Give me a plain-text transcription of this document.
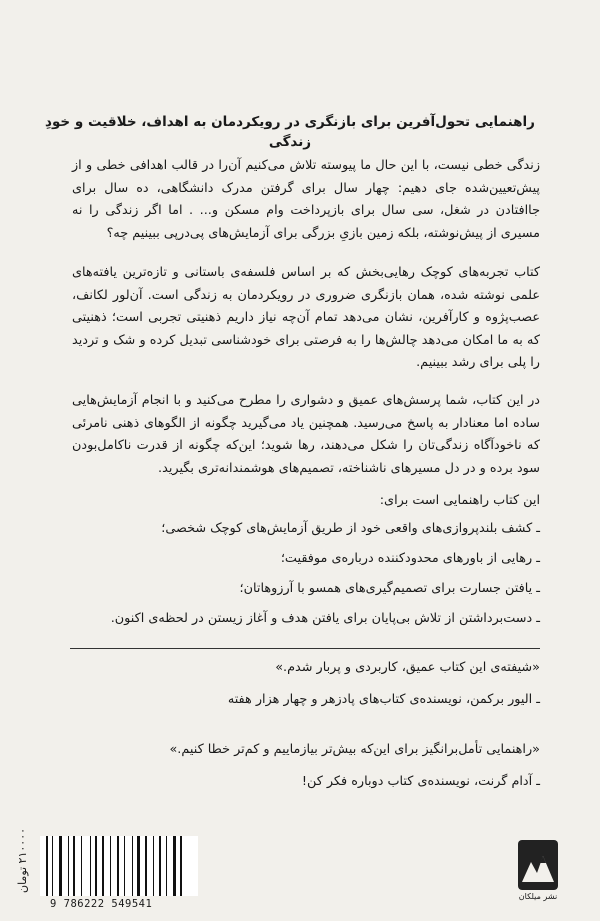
راهنمایی تحول‌آفرین برای بازنگری در رویکردمان به اهداف، خلاقیت و خودِ زندگی

زندگی خطی نیست، با این حال ما پیوسته تلاش می‌کنیم آن‌را در قالب اهدافی خطی و از پیش‌تعیین‌شده جای دهیم: چهار سال برای گرفتن مدرک دانشگاهی، ده سال برای جاافتادن در شغل، سی سال برای بازپرداخت وام مسکن و... . اما اگر زندگی را نه مسیری از پیش‌نوشته، بلکه زمین بازیِ بزرگی برای آزمایش‌های پی‌درپی ببینیم چه؟

کتاب تجربه‌های کوچک رهایی‌بخش که بر اساس فلسفه‌ی باستانی و تازه‌ترین یافته‌های علمی نوشته شده، همان بازنگری ضروری در رویکردمان به زندگی است. آن‌لور لکانف، عصب‌پژوه و کارآفرین، نشان می‌دهد تمام آن‌چه نیاز داریم ذهنیتی تجربی است؛ ذهنیتی که به ما امکان می‌دهد چالش‌ها را به فرصتی برای خودشناسی تبدیل کرده و شک و تردید را پلی برای رشد ببینیم.

در این کتاب، شما پرسش‌های عمیق و دشواری را مطرح می‌کنید و با انجام آزمایش‌هایی ساده اما معنادار به پاسخ می‌رسید. همچنین یاد می‌گیرید چگونه از الگوهای ذهنی نامرئی که ناخودآگاه زندگی‌تان را شکل می‌دهند، رها شوید؛ این‌که چگونه از قدرت ناکامل‌بودن سود برده و در دل مسیرهای ناشناخته، تصمیم‌های هوشمندانه‌تری بگیرید.

این کتاب راهنمایی است برای:

ـ کشف بلندپروازی‌های واقعی خود از طریق آزمایش‌های کوچک شخصی؛
ـ رهایی از باورهای محدودکننده درباره‌ی موفقیت؛
ـ یافتن جسارت برای تصمیم‌گیری‌های همسو با آرزوهاتان؛
ـ دست‌برداشتن از تلاش بی‌پایان برای یافتن هدف و آغاز زیستن در لحظه‌ی اکنون.

«شیفته‌ی این کتاب عمیق، کاربردی و پربار شدم.»

ـ الیور برکمن، نویسنده‌ی کتاب‌های پادزهر و چهار هزار هفته

«راهنمایی تأمل‌برانگیز برای این‌که بیش‌تر بیازماییم و کم‌تر خطا کنیم.»

ـ آدام گرنت، نویسنده‌ی کتاب دوباره فکر کن!

۲۱۰۰۰۰ تومان
9 786222 549541
نشر میلکان
